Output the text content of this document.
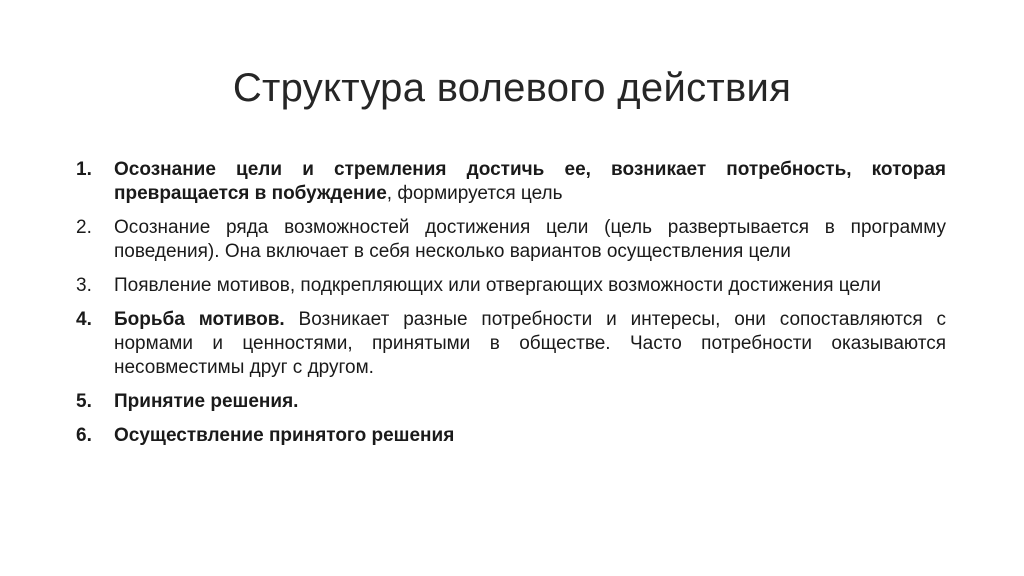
Структура волевого действия
1.	Осознание цели и стремления достичь ее, возникает потребность, которая превращается в побуждение, формируется цель
2.	Осознание ряда возможностей достижения цели (цель развертывается в программу поведения). Она включает в себя несколько вариантов осуществления цели
3.	Появление мотивов, подкрепляющих или отвергающих возможности достижения цели
4.	Борьба мотивов. Возникает разные потребности и интересы, они сопоставляются с нормами и ценностями, принятыми в обществе. Часто потребности оказываются несовместимы друг с другом.
5.	Принятие решения.
6.	Осуществление принятого решения
